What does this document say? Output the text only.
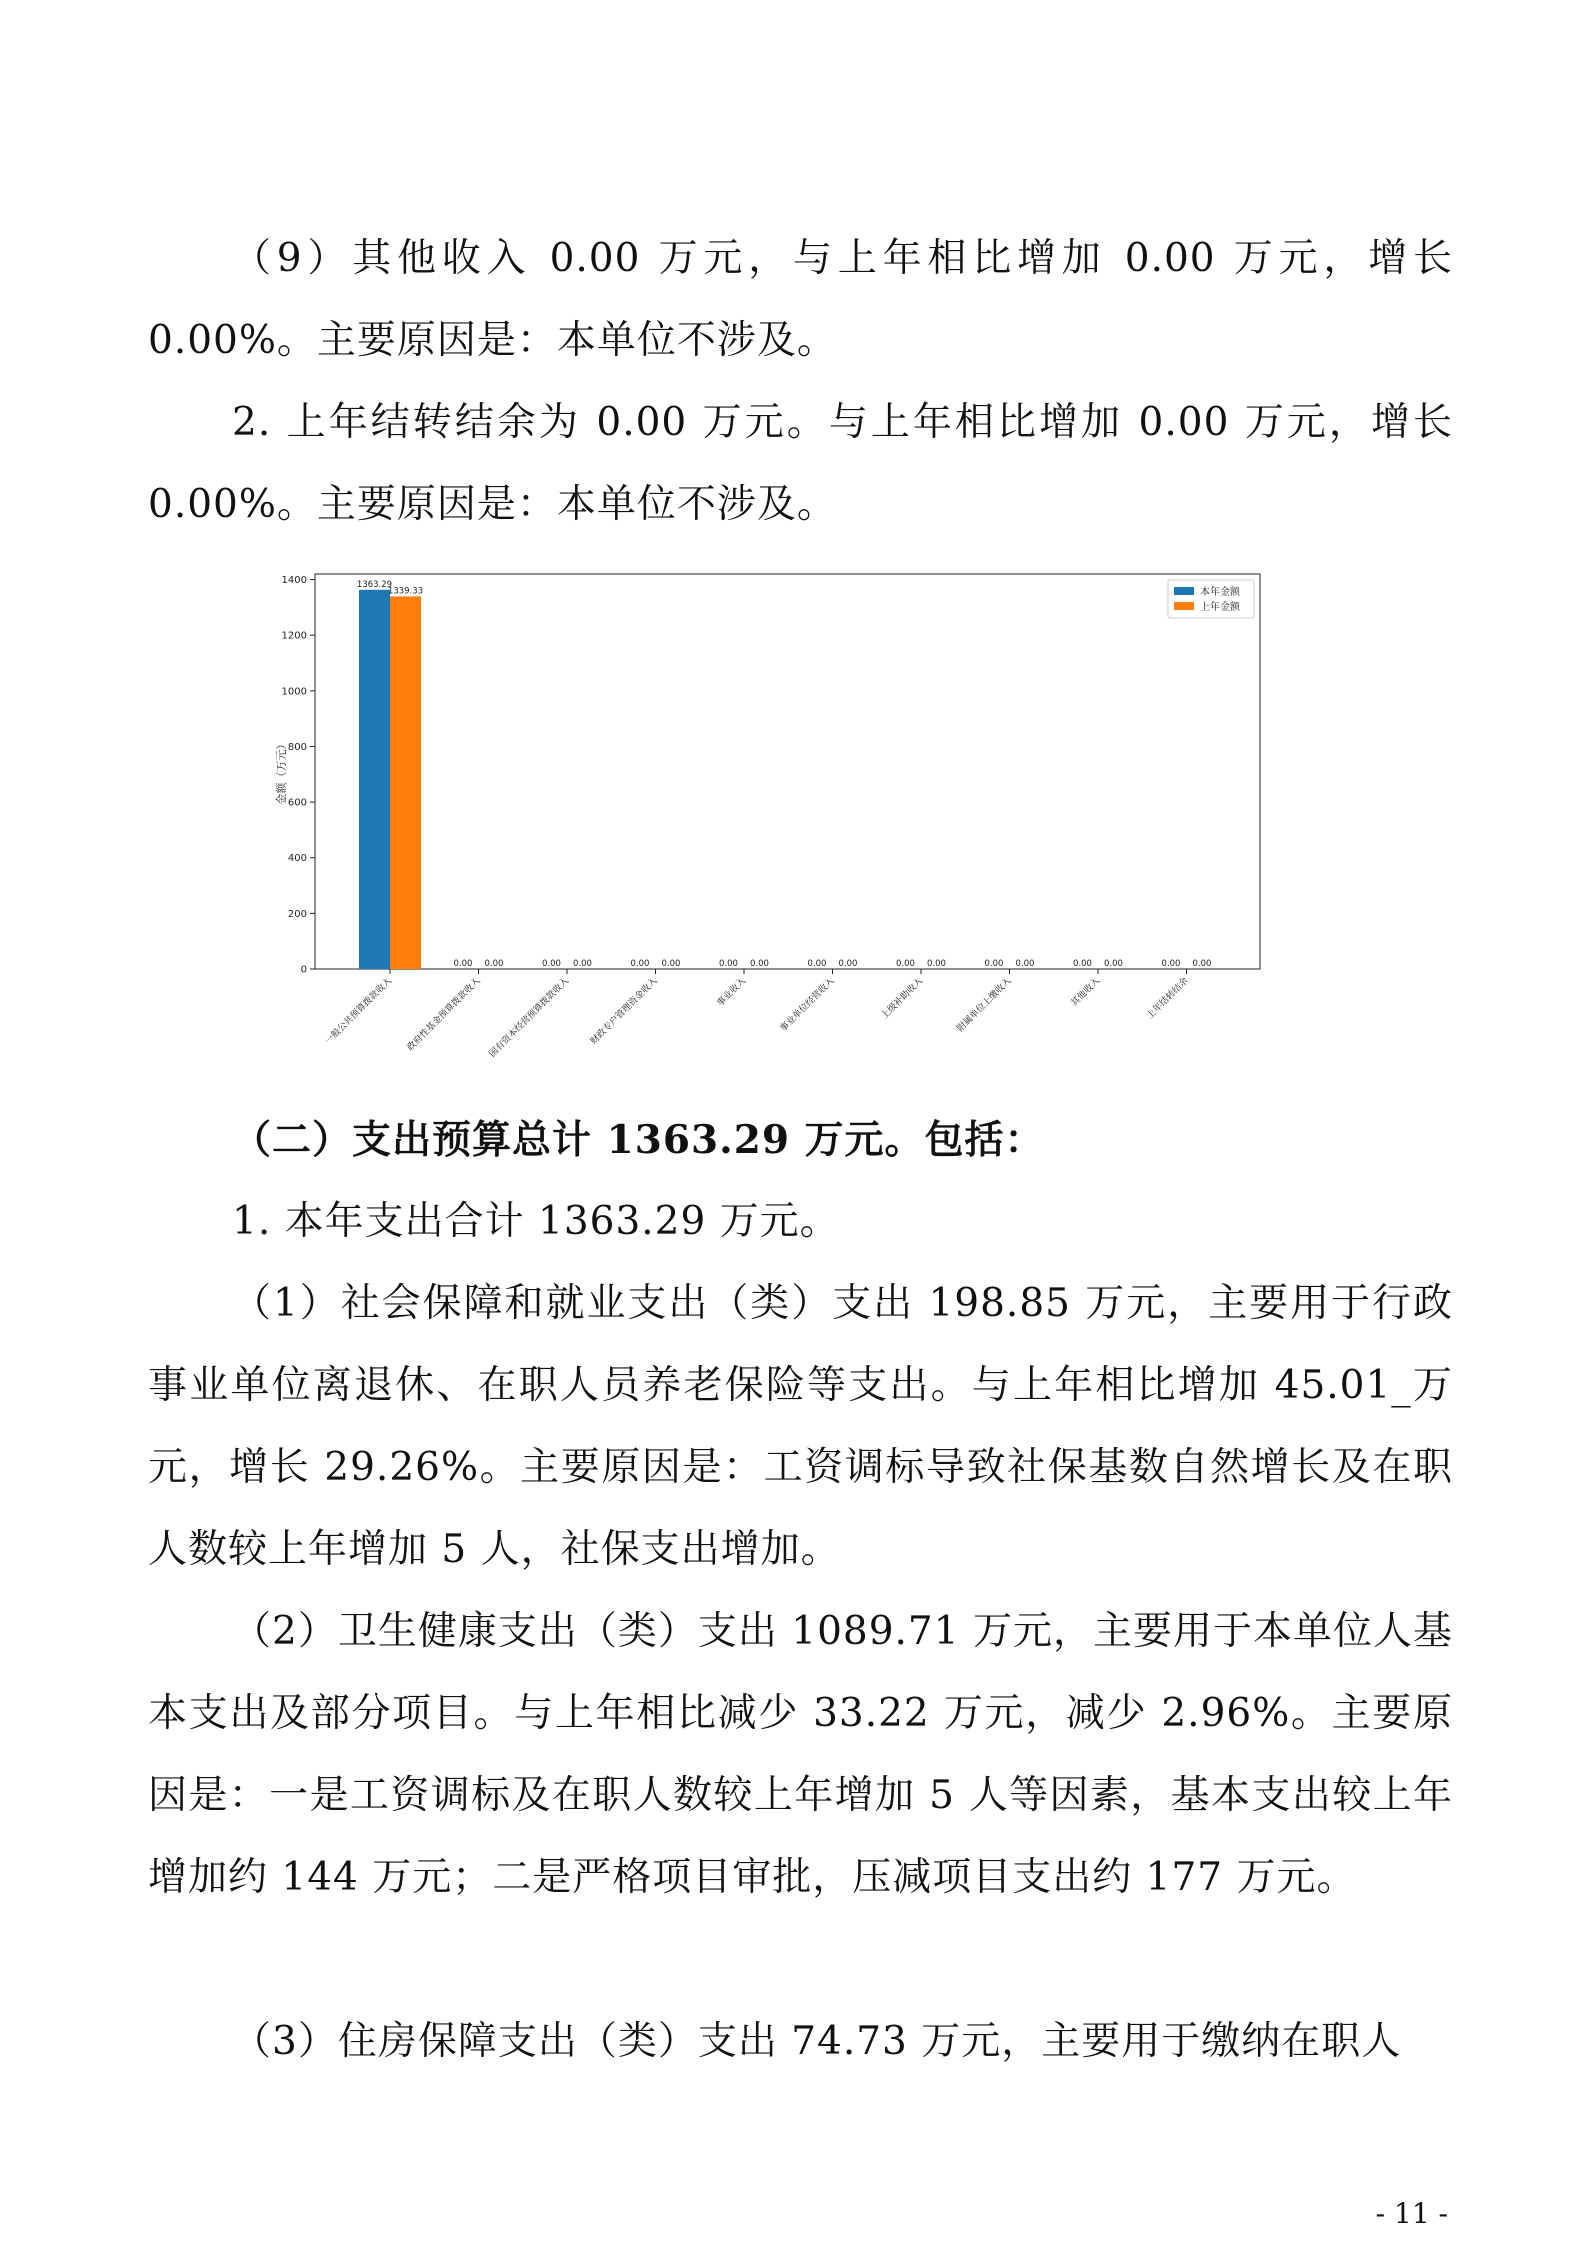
（9）其他收入 0.00 万元，与上年相比增加 0.00 万元，增长 0.00%。主要原因是：本单位不涉及。

2. 上年结转结余为 0.00 万元。与上年相比增加 0.00 万元，增长 0.00%。主要原因是：本单位不涉及。

0
200
400
600
800
1000
1200
1400
金额（万元）
1363.29
1339.33
一般公共预算拨款收入
0.00 0.00
政府性基金预算拨款收入
0.00 0.00
国有资本经营预算拨款收入
0.00 0.00
财政专户管理资金收入
0.00 0.00
事业收入
0.00 0.00
事业单位经营收入
0.00 0.00
上级补助收入
0.00 0.00
附属单位上缴收入
0.00 0.00
其他收入
0.00 0.00
上年结转结余
本年金额
上年金额

（二）支出预算总计 1363.29 万元。包括：

1. 本年支出合计 1363.29 万元。

（1）社会保障和就业支出（类）支出 198.85 万元，主要用于行政事业单位离退休、在职人员养老保险等支出。与上年相比增加 45.01_万元，增长 29.26%。主要原因是：工资调标导致社保基数自然增长及在职人数较上年增加 5 人，社保支出增加。

（2）卫生健康支出（类）支出 1089.71 万元，主要用于本单位人基本支出及部分项目。与上年相比减少 33.22 万元，减少 2.96%。主要原因是：一是工资调标及在职人数较上年增加 5 人等因素，基本支出较上年增加约 144 万元；二是严格项目审批，压减项目支出约 177 万元。

（3）住房保障支出（类）支出 74.73 万元，主要用于缴纳在职人

- 11 -
